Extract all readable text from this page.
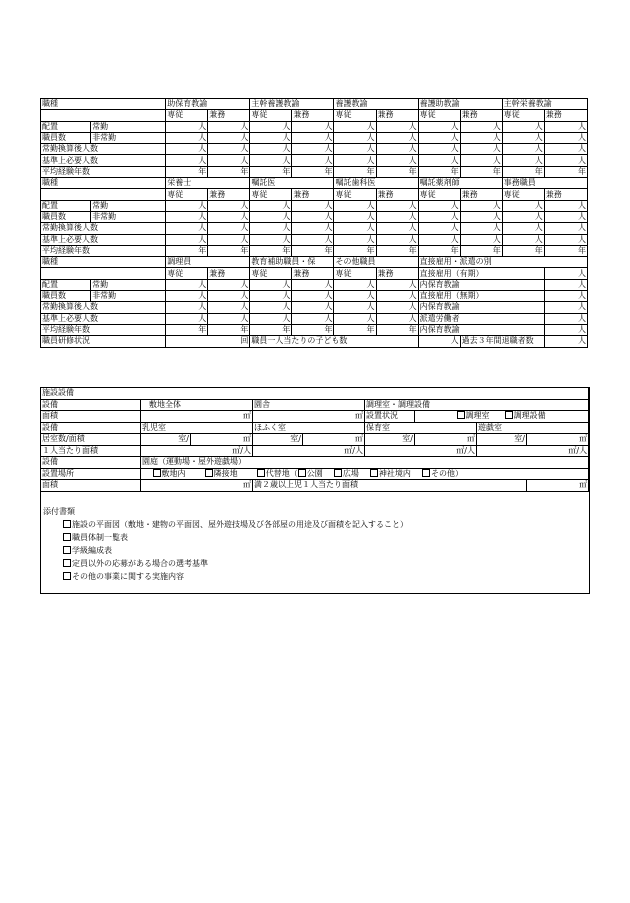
職種		助保育教諭		主幹養護教諭		養護教諭		養護助教諭		主幹栄養教諭	
		専従	兼務	専従	兼務	専従	兼務	専従	兼務	専従	兼務
配置	常勤	人	人	人	人	人	人	人	人	人	人
職員数	非常勤	人	人	人	人	人	人	人	人	人	人
常勤換算後人数		人	人	人	人	人	人	人	人	人	人
基準上必要人数		人	人	人	人	人	人	人	人	人	人
平均経験年数		年	年	年	年	年	年	年	年	年	年
職種		栄養士		嘱託医		嘱託歯科医		嘱託薬剤師		事務職員	
		専従	兼務	専従	兼務	専従	兼務	専従	兼務	専従	兼務
配置	常勤	人	人	人	人	人	人	人	人	人	人
職員数	非常勤	人	人	人	人	人	人	人	人	人	人
常勤換算後人数		人	人	人	人	人	人	人	人	人	人
基準上必要人数		人	人	人	人	人	人	人	人	人	人
平均経験年数		年	年	年	年	年	年	年	年	年	年
職種		調理員		教育補助職員・保		その他職員		直接雇用・派遣の別			
		専従	兼務	専従	兼務	専従	兼務	直接雇用（有期）			人
配置	常勤	人	人	人	人	人	人	内保育教諭			人
職員数	非常勤	人	人	人	人	人	人	直接雇用（無期）			人
常勤換算後人数		人	人	人	人	人	人	内保育教諭			人
基準上必要人数		人	人	人	人	人	人	派遣労働者			人
平均経験年数		年	年	年	年	年	年	内保育教諭			人
職員研修状況		回		職員一人当たりの子ども数				人	過去３年間退職者数		人
施設設備								
設備	敷地全体		園舎		調理室・調理設備			
面積	㎡		㎡		設置状況	調理室 調理設備		
設備	乳児室		ほふく室		保育室		遊戯室	
居室数/面積	室/	㎡	室/	㎡	室/	㎡	室/	㎡
１人当たり面積	㎡/人		㎡/人		㎡/人		㎡/人	
設備	園庭（運動場・屋外遊戯場）							
設置場所	敷地内 隣接地 代替地（ 公園 広場 神社境内 その他）							
面積	㎡		満２歳以上児１人当たり面積					㎡
添付書類
施設の平面図（敷地・建物の平面図、屋外遊技場及び各部屋の用途及び面積を記入すること）
職員体制一覧表
学級編成表
定員以外の応募がある場合の選考基準
その他の事業に関する実施内容
